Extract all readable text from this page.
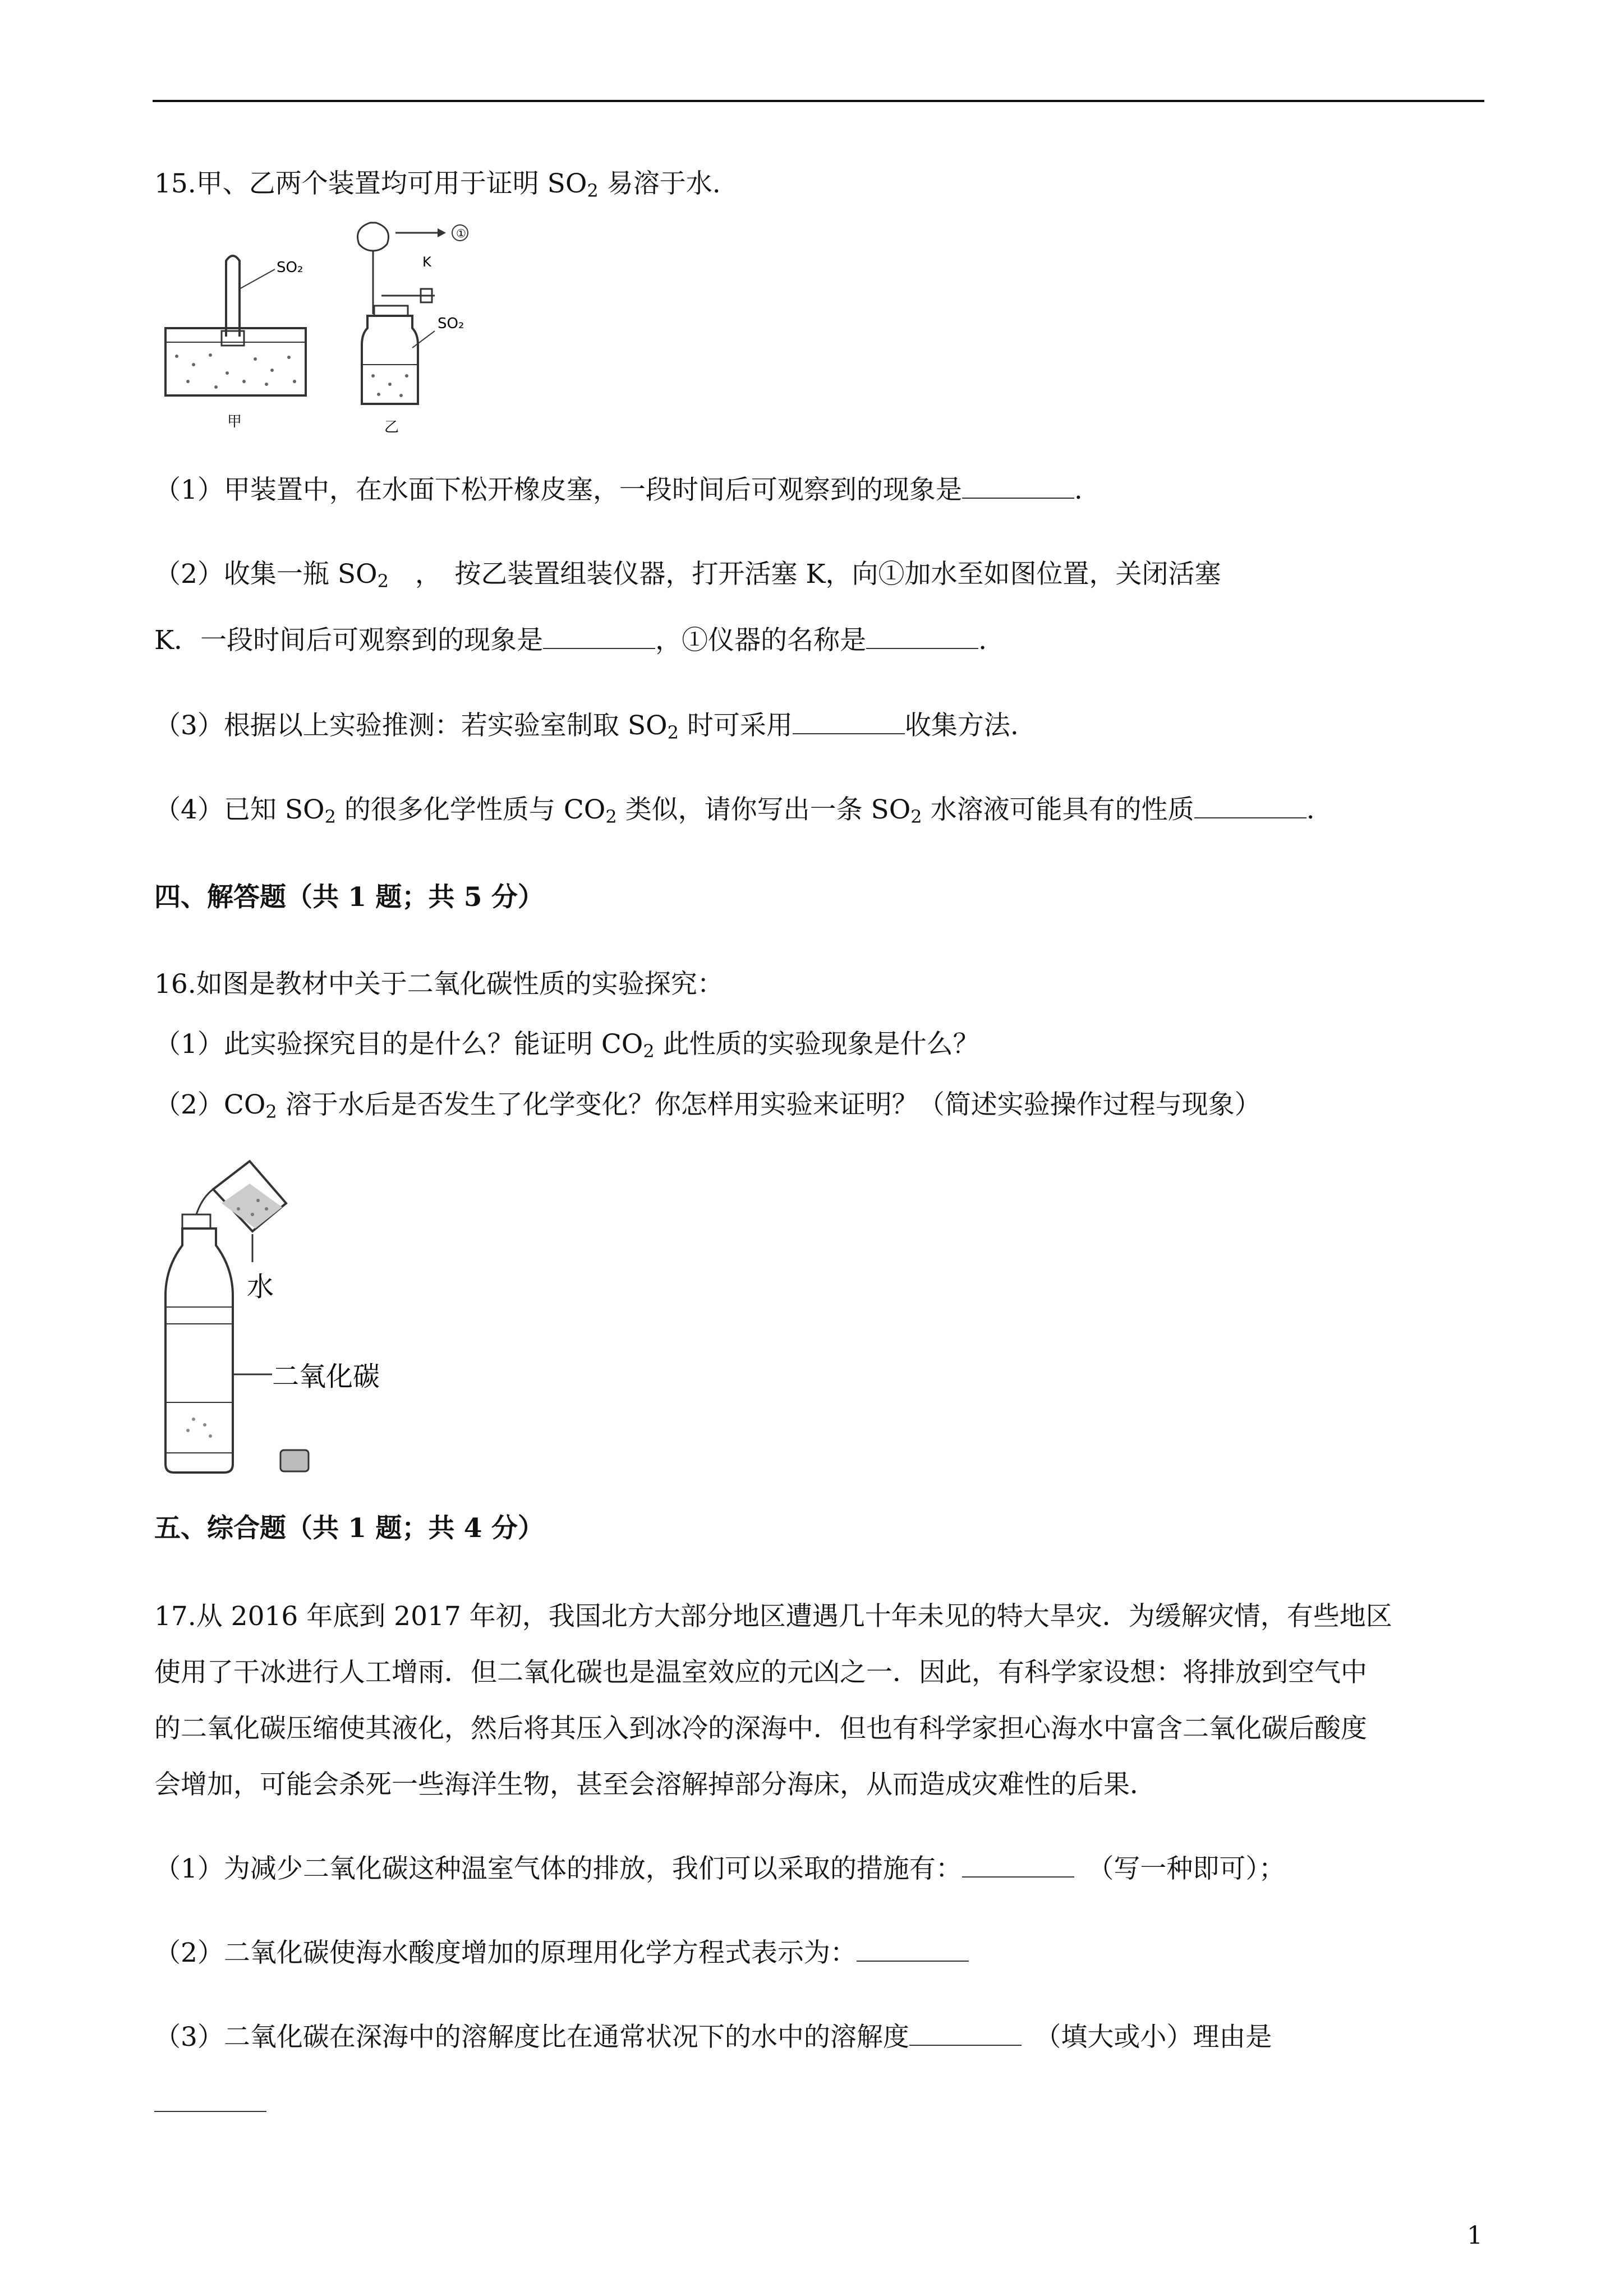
15.甲、乙两个装置均可用于证明 $SO_2$ 易溶于水.
SO₂
甲
①
K
SO₂
乙
（1）甲装置中，在水面下松开橡皮塞，一段时间后可观察到的现象是	.
（2）收集一瓶 $SO_2$　，　按乙装置组装仪器，打开活塞 K，向①加水至如图位置，关闭活塞
K．一段时间后可观察到的现象是	，①仪器的名称是	.
（3）根据以上实验推测：若实验室制取 $SO_2$ 时可采用	收集方法.
（4）已知 $SO_2$ 的很多化学性质与 $CO_2$ 类似，请你写出一条 $SO_2$ 水溶液可能具有的性质	.
四、解答题（共 1 题；共 5 分）
16.如图是教材中关于二氧化碳性质的实验探究：
（1）此实验探究目的是什么？能证明 $CO_2$ 此性质的实验现象是什么？
$(2)CO_2$ 溶于水后是否发生了化学变化？你怎样用实验来证明？（简述实验操作过程与现象）
水
二氧化碳
五、综合题（共 1 题；共 4 分）
17.从 2016 年底到 2017 年初，我国北方大部分地区遭遇几十年未见的特大旱灾．为缓解灾情，有些地区
使用了干冰进行人工增雨．但二氧化碳也是温室效应的元凶之一．因此，有科学家设想：将排放到空气中
的二氧化碳压缩使其液化，然后将其压入到冰冷的深海中．但也有科学家担心海水中富含二氧化碳后酸度
会增加，可能会杀死一些海洋生物，甚至会溶解掉部分海床，从而造成灾难性的后果．
（1）为减少二氧化碳这种温室气体的排放，我们可以采取的措施有：	　（写一种即可）；
（2）二氧化碳使海水酸度增加的原理用化学方程式表示为：
（3）二氧化碳在深海中的溶解度比在通常状况下的水中的溶解度	　（填大或小）理由是
1
